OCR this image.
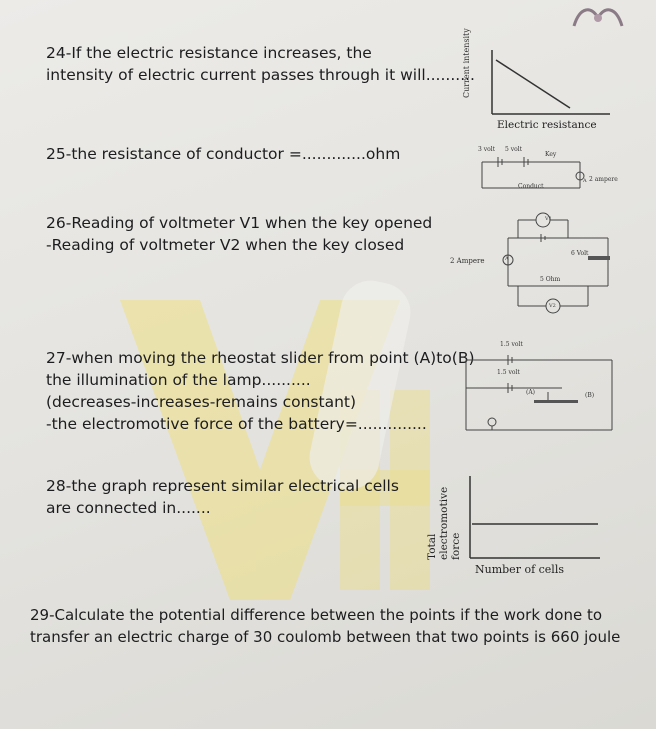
24-If the electric resistance increases, the
intensity of electric current passes through it will..........
Current intensity
Electric resistance
25-the resistance of conductor =.............ohm	3 volt 5 volt
Key
A 2 ampere
Conduct
26-Reading of voltmeter V1 when the key opened
-Reading of voltmeter V2 when the key closed
V1
6 Volt
2 Ampere	A
5 Ohm
V2
27-when moving the rheostat slider from point (A)to(B)
the illumination of the lamp..........
(decreases-increases-remains constant)
-the electromotive force of the battery=..............
1.5 volt
1.5 volt
(A)	(B)
28-the graph represent similar electrical cells
are connected in.......
Total electromotive force
Number of cells
29-Calculate the potential difference between the points if the work done to
transfer an electric charge of 30 coulomb between that two points is 660 joule
